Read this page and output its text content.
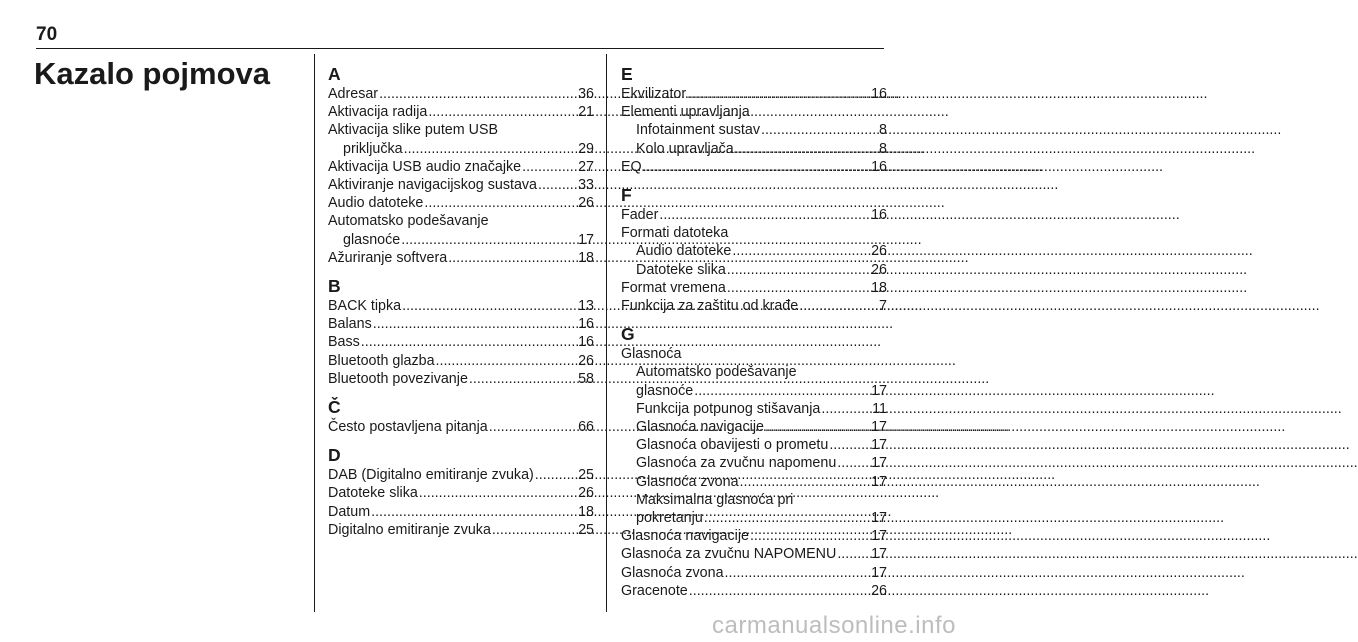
70
Kazalo pojmova	A
Adresar .....	36
Aktivacija radija .....	21
Aktivacija slike putem USB
priključka .....	29
Aktivacija USB audio značajke .....	27
Aktiviranje navigacijskog sustava .....	33
Audio datoteke .....	26
Automatsko podešavanje
glasnoće .....	17
Ažuriranje softvera .....	18
B
BACK tipka .....	13
Balans .....	16
Bass .....	16
Bluetooth glazba .....	26
Bluetooth povezivanje .....	58
Č
Često postavljena pitanja .....	66
D
DAB (Digitalno emitiranje zvuka) .....	25
Datoteke slika .....	26
Datum .....	18
Digitalno emitiranje zvuka .....	25
E
Ekvilizator .....	16
Elementi upravljanja
Infotainment sustav .....	8
Kolo upravljača .....	8
EQ .....	16
F
Fader .....	16
Formati datoteka
Audio datoteke .....	26
Datoteke slika .....	26
Format vremena .....	18
Funkcija za zaštitu od krađe .....	7
G
Glasnoća
Automatsko podešavanje
glasnoće .....	17
Funkcija potpunog stišavanja .....	11
Glasnoća navigacije .....	17
Glasnoća obavijesti o prometu .....	17
Glasnoća za zvučnu napomenu ..... 17
Glasnoća zvona .....	17
Maksimalna glasnoća pri
pokretanju .....	17
Glasnoća navigacije .....	17
Glasnoća za zvučnu NAPOMENU ..... 17
Glasnoća zvona .....	17
Gracenote .....	26
carmanualsonline.info
